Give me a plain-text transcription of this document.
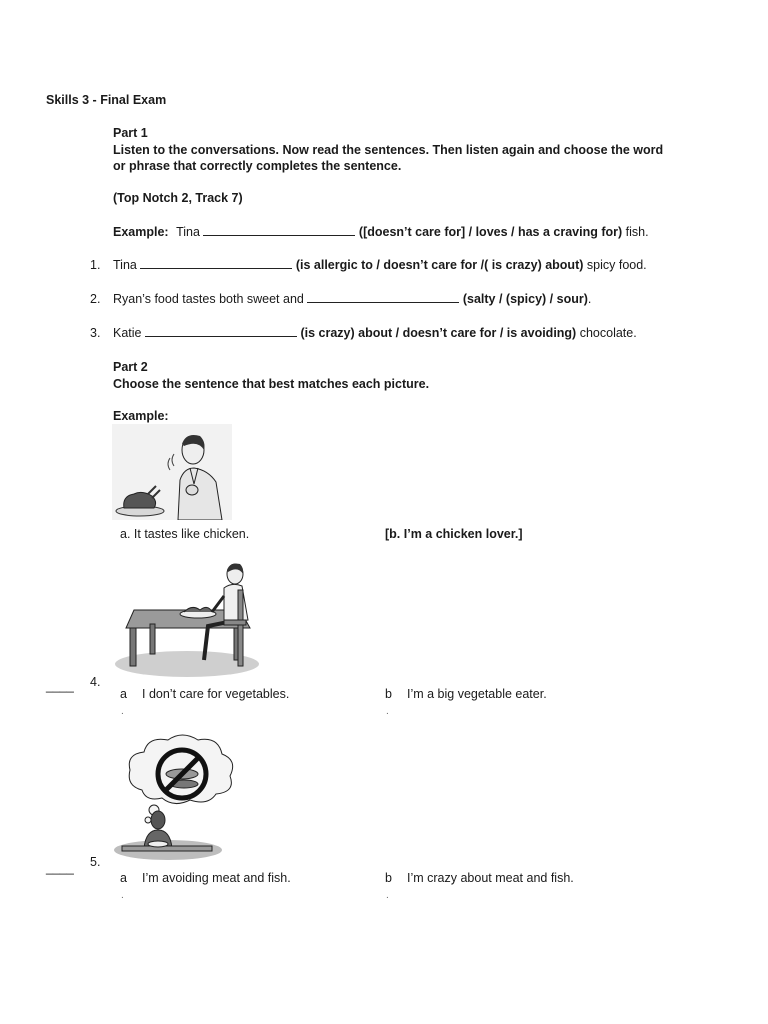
Skills 3 - Final Exam
Part 1
Listen to the conversations. Now read the sentences. Then listen again and choose the word
or phrase that correctly completes the sentence.
(Top Notch 2, Track 7)
Example: Tina	([doesn’t care for] / loves / has a craving for) fish.
1. Tina	(is allergic to / doesn’t care for /( is crazy) about) spicy food.
2. Ryan’s food tastes both sweet and	(salty / (spicy) / sour).
3. Katie	(is crazy) about / doesn’t care for / is avoiding) chocolate.
Part 2
Choose the sentence that best matches each picture.
Example:
a. It tastes like chicken.	[b. I’m a chicken lover.]
____ 4.
a I don’t care for vegetables.	b I’m a big vegetable eater.
.	.
____ 5.
a I’m avoiding meat and fish.	b I’m crazy about meat and fish.
.	.
